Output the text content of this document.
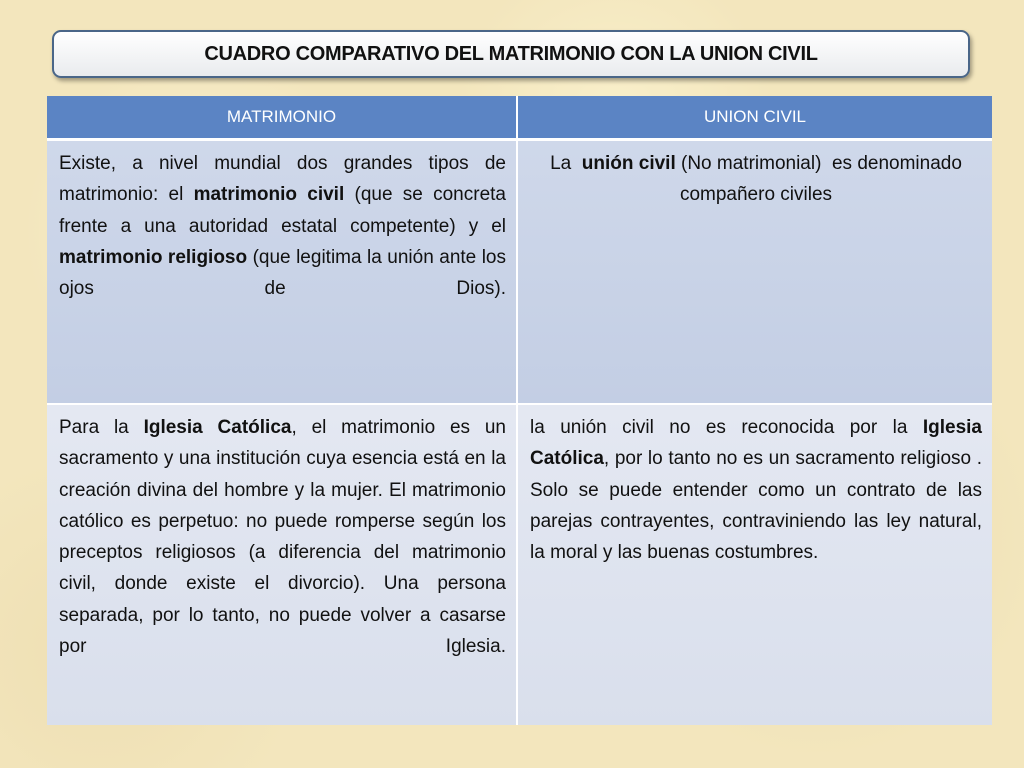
CUADRO COMPARATIVO DEL MATRIMONIO CON LA UNION CIVIL
MATRIMONIO	UNION CIVIL
Existe, a nivel mundial dos grandes tipos de matrimonio: el matrimonio civil (que se concreta frente a una autoridad estatal competente) y el matrimonio religioso (que legitima la unión ante los ojos de Dios).
La  unión civil (No matrimonial)  es denominado compañero civiles
Para la Iglesia Católica, el matrimonio es un sacramento y una institución cuya esencia está en la creación divina del hombre y la mujer. El matrimonio católico es perpetuo: no puede romperse según los preceptos religiosos (a diferencia del matrimonio civil, donde existe el divorcio). Una persona separada, por lo tanto, no puede volver a casarse por Iglesia.
la unión civil no es reconocida por la Iglesia Católica, por lo tanto no es un sacramento religioso . Solo se puede entender como un contrato de las parejas contrayentes, contraviniendo las ley natural, la moral y las buenas costumbres.
